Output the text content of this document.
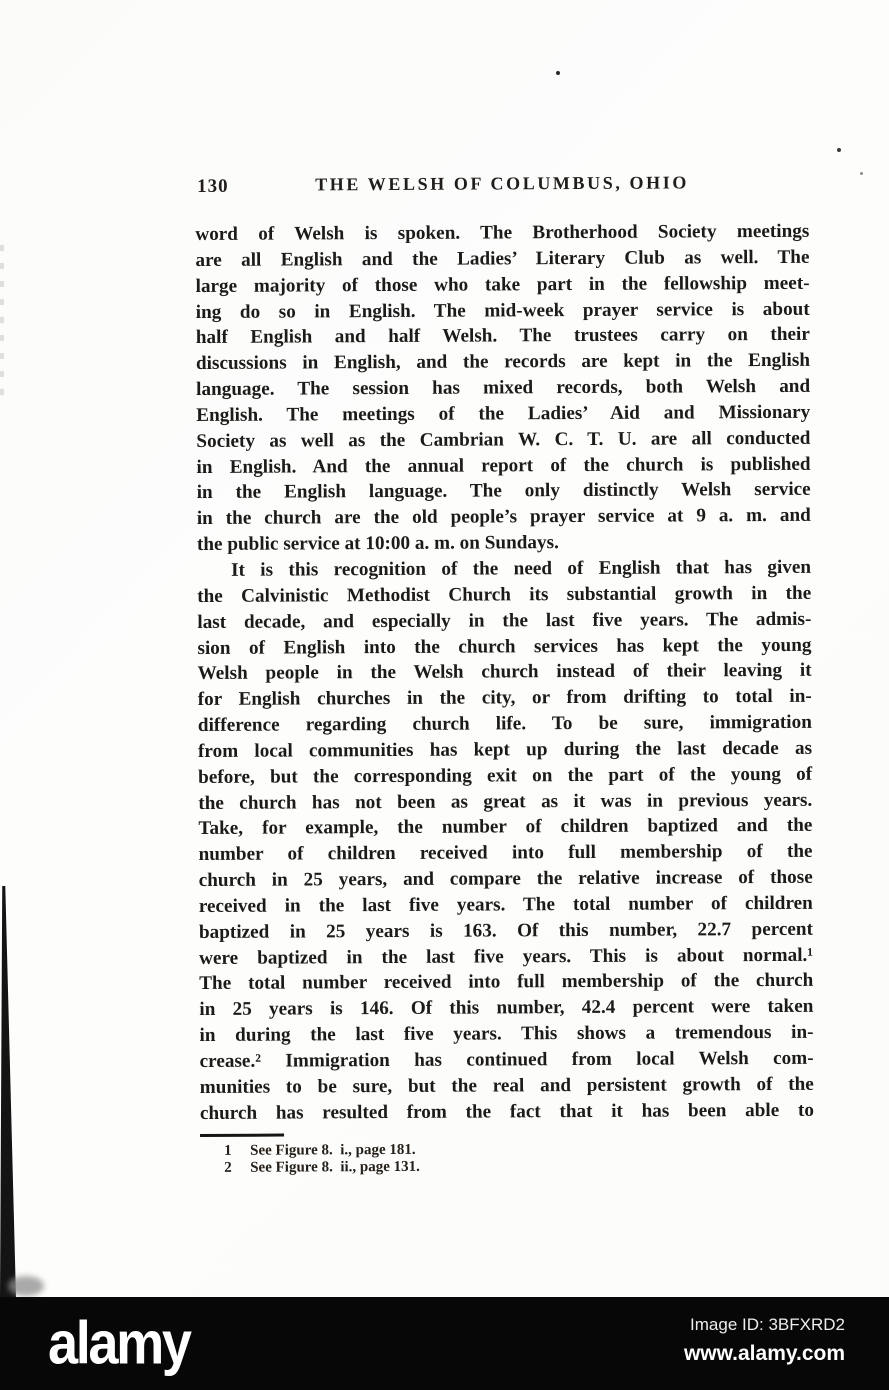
130	THE WELSH OF COLUMBUS, OHIO
word of Welsh is spoken. The Brotherhood Society meetings
are all English and the Ladies’ Literary Club as well. The
large majority of those who take part in the fellowship meet-
ing do so in English. The mid-week prayer service is about
half English and half Welsh. The trustees carry on their
discussions in English, and the records are kept in the English
language. The session has mixed records, both Welsh and
English. The meetings of the Ladies’ Aid and Missionary
Society as well as the Cambrian W. C. T. U. are all conducted
in English. And the annual report of the church is published
in the English language. The only distinctly Welsh service
in the church are the old people’s prayer service at 9 a. m. and
the public service at 10:00 a. m. on Sundays.
It is this recognition of the need of English that has given
the Calvinistic Methodist Church its substantial growth in the
last decade, and especially in the last five years. The admis-
sion of English into the church services has kept the young
Welsh people in the Welsh church instead of their leaving it
for English churches in the city, or from drifting to total in-
difference regarding church life. To be sure, immigration
from local communities has kept up during the last decade as
before, but the corresponding exit on the part of the young of
the church has not been as great as it was in previous years.
Take, for example, the number of children baptized and the
number of children received into full membership of the
church in 25 years, and compare the relative increase of those
received in the last five years. The total number of children
baptized in 25 years is 163. Of this number, 22.7 percent
were baptized in the last five years. This is about normal.¹
The total number received into full membership of the church
in 25 years is 146. Of this number, 42.4 percent were taken
in during the last five years. This shows a tremendous in-
crease.² Immigration has continued from local Welsh com-
munities to be sure, but the real and persistent growth of the
church has resulted from the fact that it has been able to
1	See Figure 8. i., page 181.
2	See Figure 8. ii., page 131.
alamy	Image ID: 3BFXRD2
www.alamy.com
